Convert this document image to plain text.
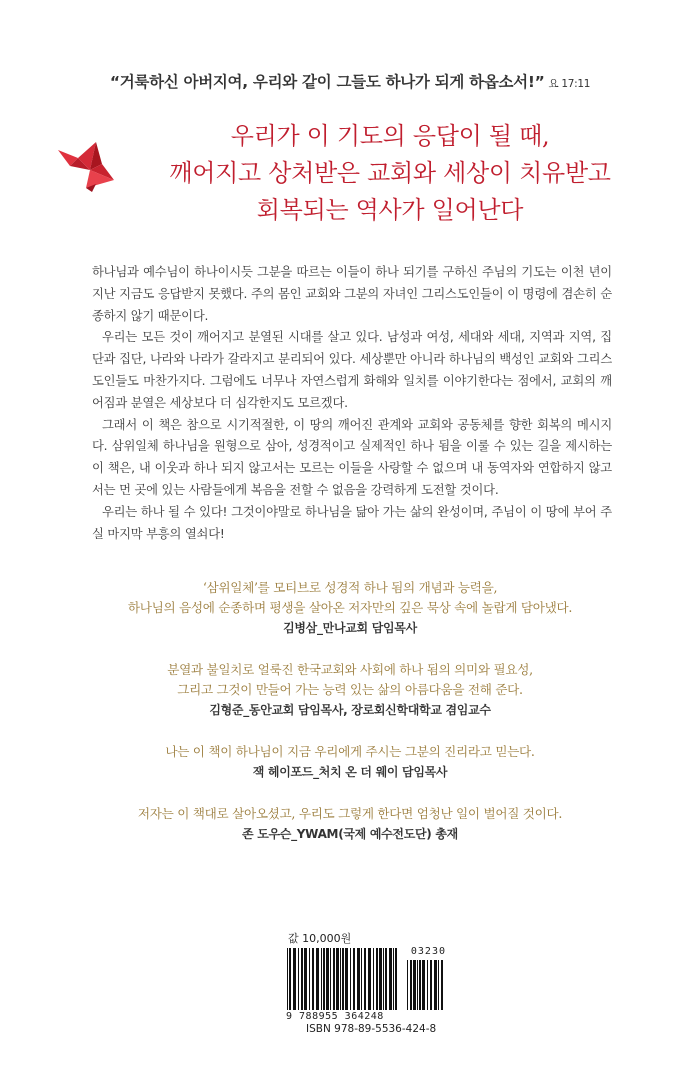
“거룩하신 아버지여, 우리와 같이 그들도 하나가 되게 하옵소서!” 요 17:11
우리가 이 기도의 응답이 될 때,
깨어지고 상처받은 교회와 세상이 치유받고
회복되는 역사가 일어난다

하나님과 예수님이 하나이시듯 그분을 따르는 이들이 하나 되기를 구하신 주님의 기도는 이천 년이 지난 지금도 응답받지 못했다. 주의 몸인 교회와 그분의 자녀인 그리스도인들이 이 명령에 겸손히 순종하지 않기 때문이다.

우리는 모든 것이 깨어지고 분열된 시대를 살고 있다. 남성과 여성, 세대와 세대, 지역과 지역, 집단과 집단, 나라와 나라가 갈라지고 분리되어 있다. 세상뿐만 아니라 하나님의 백성인 교회와 그리스도인들도 마찬가지다. 그럼에도 너무나 자연스럽게 화해와 일치를 이야기한다는 점에서, 교회의 깨어짐과 분열은 세상보다 더 심각한지도 모르겠다.

그래서 이 책은 참으로 시기적절한, 이 땅의 깨어진 관계와 교회와 공동체를 향한 회복의 메시지다. 삼위일체 하나님을 원형으로 삼아, 성경적이고 실제적인 하나 됨을 이룰 수 있는 길을 제시하는 이 책은, 내 이웃과 하나 되지 않고서는 모르는 이들을 사랑할 수 없으며 내 동역자와 연합하지 않고서는 먼 곳에 있는 사람들에게 복음을 전할 수 없음을 강력하게 도전할 것이다.

우리는 하나 될 수 있다! 그것이야말로 하나님을 닮아 가는 삶의 완성이며, 주님이 이 땅에 부어 주실 마지막 부흥의 열쇠다!

‘삼위일체’를 모티브로 성경적 하나 됨의 개념과 능력을,
하나님의 음성에 순종하며 평생을 살아온 저자만의 깊은 묵상 속에 놀랍게 담아냈다.
김병삼_만나교회 담임목사
분열과 불일치로 얼룩진 한국교회와 사회에 하나 됨의 의미와 필요성,
그리고 그것이 만들어 가는 능력 있는 삶의 아름다움을 전해 준다.
김형준_동안교회 담임목사, 장로회신학대학교 겸임교수
나는 이 책이 하나님이 지금 우리에게 주시는 그분의 진리라고 믿는다.
잭 헤이포드_처치 온 더 웨이 담임목사
저자는 이 책대로 살아오셨고, 우리도 그렇게 한다면 엄청난 일이 벌어질 것이다.
존 도우슨_YWAM(국제 예수전도단) 총재
값 10,000원
03230
9 788955 364248
ISBN 978-89-5536-424-8
